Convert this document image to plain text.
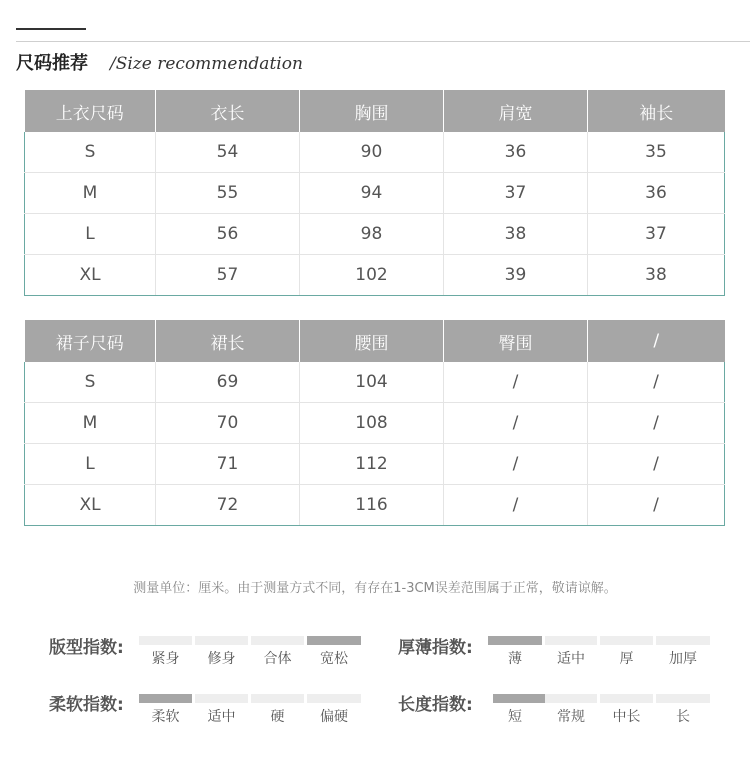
尺码推荐 /Size recommendation
上衣尺码	衣长	胸围	肩宽	袖长
S	54	90	36	35
M	55	94	37	36
L	56	98	38	37
XL	57	102	39	38
裙子尺码	裙长	腰围	臀围	/
S	69	104	/	/
M	70	108	/	/
L	71	112	/	/
XL	72	116	/	/
测量单位：厘米。由于测量方式不同，有存在1-3CM误差范围属于正常，敬请谅解。
版型指数:
紧身	修身	合体	宽松
厚薄指数:
薄	适中	厚	加厚
柔软指数:
柔软	适中	硬	偏硬
长度指数:
短	常规	中长	长
